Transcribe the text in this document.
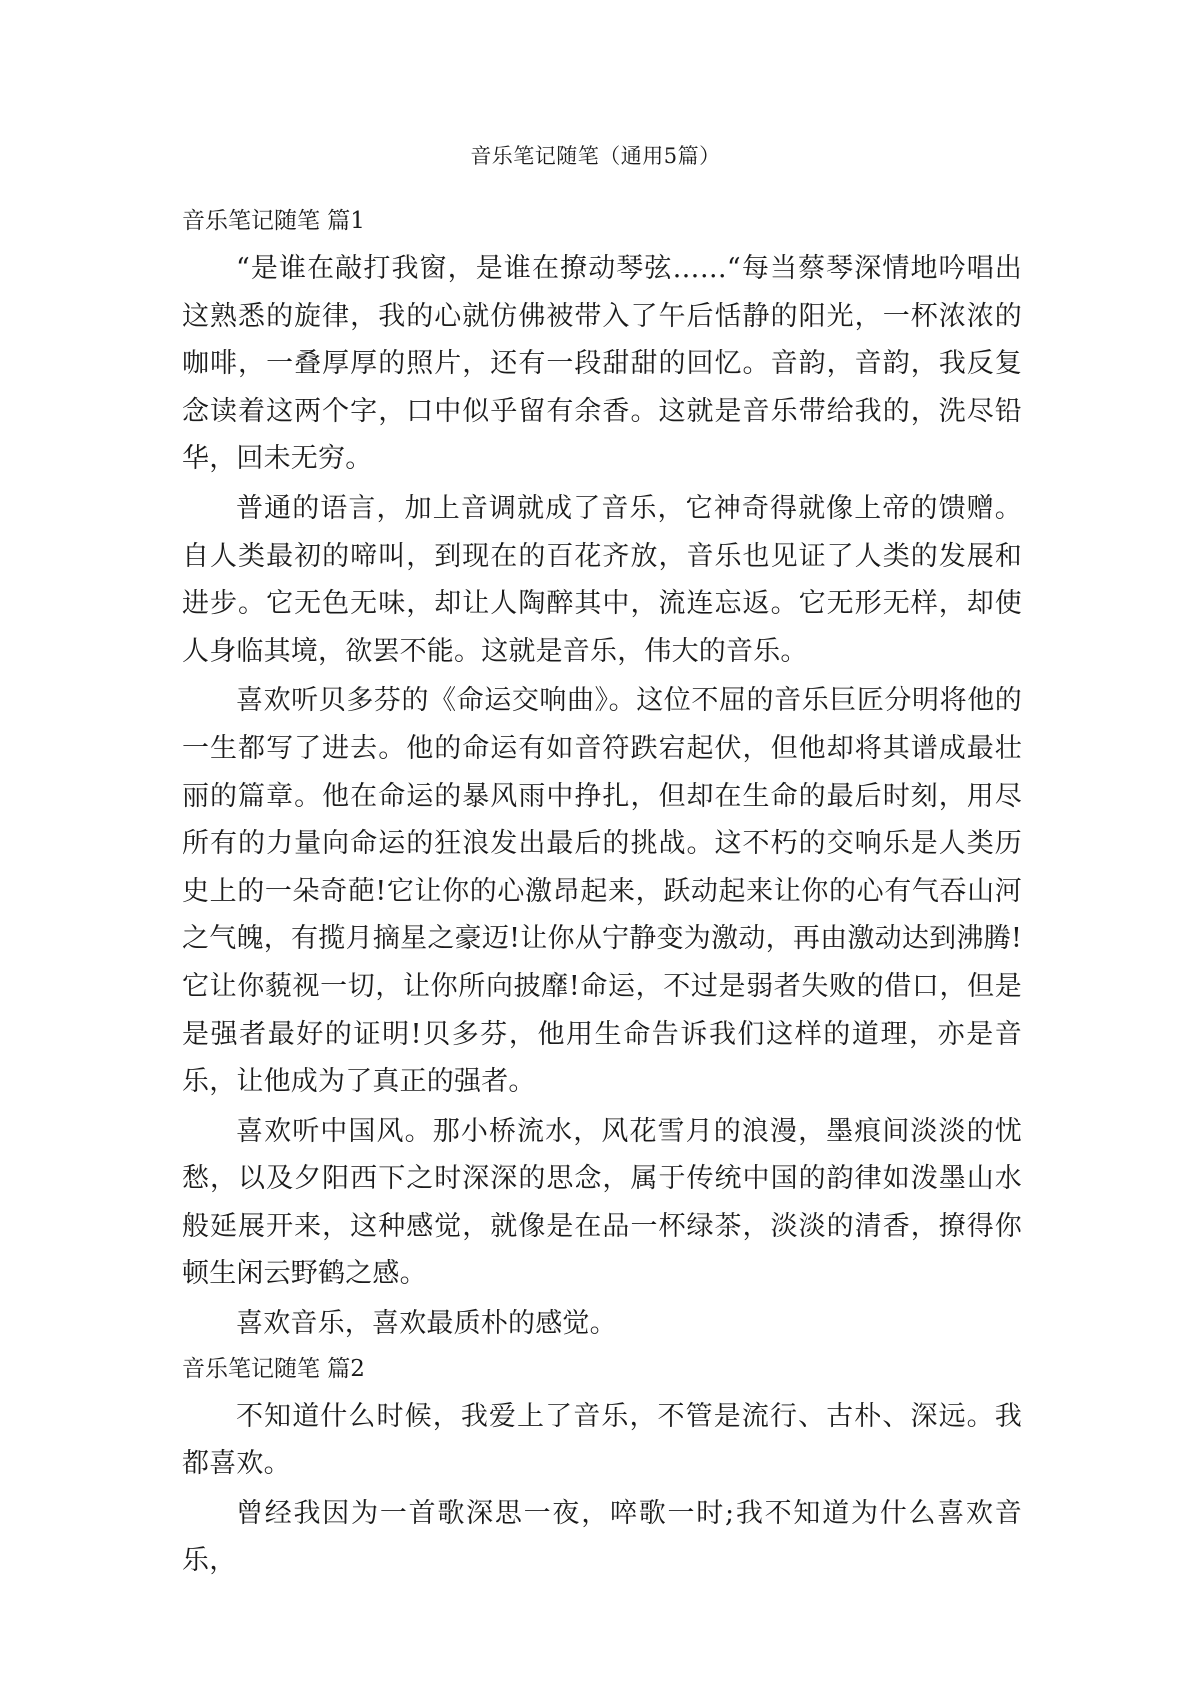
音乐笔记随笔（通用5篇）
音乐笔记随笔 篇1

“是谁在敲打我窗，是谁在撩动琴弦……“每当蔡琴深情地吟唱出这熟悉的旋律，我的心就仿佛被带入了午后恬静的阳光，一杯浓浓的咖啡，一叠厚厚的照片，还有一段甜甜的回忆。音韵，音韵，我反复念读着这两个字，口中似乎留有余香。这就是音乐带给我的，洗尽铅华，回未无穷。

普通的语言，加上音调就成了音乐，它神奇得就像上帝的馈赠。自人类最初的啼叫，到现在的百花齐放，音乐也见证了人类的发展和进步。它无色无味，却让人陶醉其中，流连忘返。它无形无样，却使人身临其境，欲罢不能。这就是音乐，伟大的音乐。

喜欢听贝多芬的《命运交响曲》。这位不屈的音乐巨匠分明将他的一生都写了进去。他的命运有如音符跌宕起伏，但他却将其谱成最壮丽的篇章。他在命运的暴风雨中挣扎，但却在生命的最后时刻，用尽所有的力量向命运的狂浪发出最后的挑战。这不朽的交响乐是人类历史上的一朵奇葩!它让你的心激昂起来，跃动起来让你的心有气吞山河之气魄，有揽月摘星之豪迈!让你从宁静变为激动，再由激动达到沸腾!它让你藐视一切，让你所向披靡!命运，不过是弱者失败的借口，但是是强者最好的证明!贝多芬，他用生命告诉我们这样的道理，亦是音乐，让他成为了真正的强者。

喜欢听中国风。那小桥流水，风花雪月的浪漫，墨痕间淡淡的忧愁，以及夕阳西下之时深深的思念，属于传统中国的韵律如泼墨山水般延展开来，这种感觉，就像是在品一杯绿茶，淡淡的清香，撩得你顿生闲云野鹤之感。

喜欢音乐，喜欢最质朴的感觉。

音乐笔记随笔 篇2

不知道什么时候，我爱上了音乐，不管是流行、古朴、深远。我都喜欢。

曾经我因为一首歌深思一夜，啐歌一时;我不知道为什么喜欢音乐，
